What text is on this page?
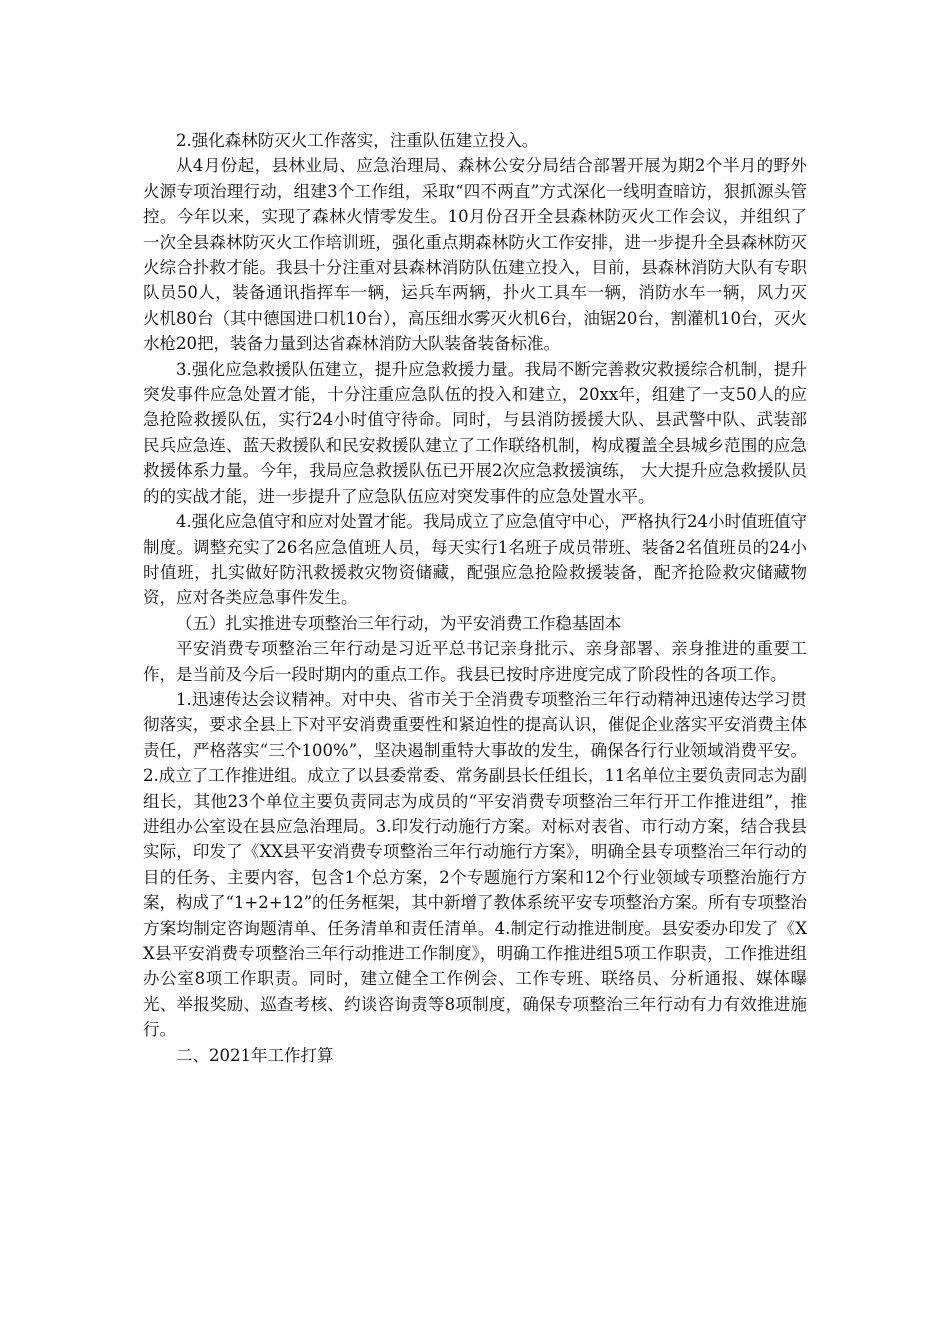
2.强化森林防灭火工作落实，注重队伍建立投入。

从4月份起，县林业局、应急治理局、森林公安分局结合部署开展为期2个半月的野外火源专项治理行动，组建3个工作组，采取“四不两直”方式深化一线明查暗访，狠抓源头管控。今年以来，实现了森林火情零发生。10月份召开全县森林防灭火工作会议，并组织了一次全县森林防灭火工作培训班，强化重点期森林防火工作安排，进一步提升全县森林防灭火综合扑救才能。我县十分注重对县森林消防队伍建立投入，目前，县森林消防大队有专职队员50人，装备通讯指挥车一辆，运兵车两辆，扑火工具车一辆，消防水车一辆，风力灭火机80台（其中德国进口机10台），高压细水雾灭火机6台，油锯20台，割灌机10台，灭火水枪20把，装备力量到达省森林消防大队装备装备标准。

3.强化应急救援队伍建立，提升应急救援力量。我局不断完善救灾救援综合机制，提升突发事件应急处置才能，十分注重应急队伍的投入和建立，20xx年，组建了一支50人的应急抢险救援队伍，实行24小时值守待命。同时，与县消防援援大队、县武警中队、武装部民兵应急连、蓝天救援队和民安救援队建立了工作联络机制，构成覆盖全县城乡范围的应急救援体系力量。今年，我局应急救援队伍已开展2次应急救援演练， 大大提升应急救援队员的的实战才能，进一步提升了应急队伍应对突发事件的应急处置水平。

4.强化应急值守和应对处置才能。我局成立了应急值守中心，严格执行24小时值班值守制度。调整充实了26名应急值班人员，每天实行1名班子成员带班、装备2名值班员的24小时值班，扎实做好防汛救援救灾物资储藏，配强应急抢险救援装备，配齐抢险救灾储藏物资，应对各类应急事件发生。

（五）扎实推进专项整治三年行动，为平安消费工作稳基固本

平安消费专项整治三年行动是习近平总书记亲身批示、亲身部署、亲身推进的重要工作，是当前及今后一段时期内的重点工作。我县已按时序进度完成了阶段性的各项工作。

1.迅速传达会议精神。对中央、省市关于全消费专项整治三年行动精神迅速传达学习贯彻落实，要求全县上下对平安消费重要性和紧迫性的提高认识，催促企业落实平安消费主体责任，严格落实“三个100%”，坚决遏制重特大事故的发生，确保各行行业领域消费平安。2.成立了工作推进组。成立了以县委常委、常务副县长任组长，11名单位主要负责同志为副组长，其他23个单位主要负责同志为成员的“平安消费专项整治三年行开工作推进组”，推进组办公室设在县应急治理局。3.印发行动施行方案。对标对表省、市行动方案，结合我县实际，印发了《XX县平安消费专项整治三年行动施行方案》，明确全县专项整治三年行动的目的任务、主要内容，包含1个总方案，2个专题施行方案和12个行业领域专项整治施行方案，构成了“1+2+12”的任务框架，其中新增了教体系统平安专项整治方案。所有专项整治方案均制定咨询题清单、任务清单和责任清单。4.制定行动推进制度。县安委办印发了《XX县平安消费专项整治三年行动推进工作制度》，明确工作推进组5项工作职责，工作推进组办公室8项工作职责。同时，建立健全工作例会、工作专班、联络员、分析通报、媒体曝光、举报奖励、巡查考核、约谈咨询责等8项制度，确保专项整治三年行动有力有效推进施行。

二、2021年工作打算
